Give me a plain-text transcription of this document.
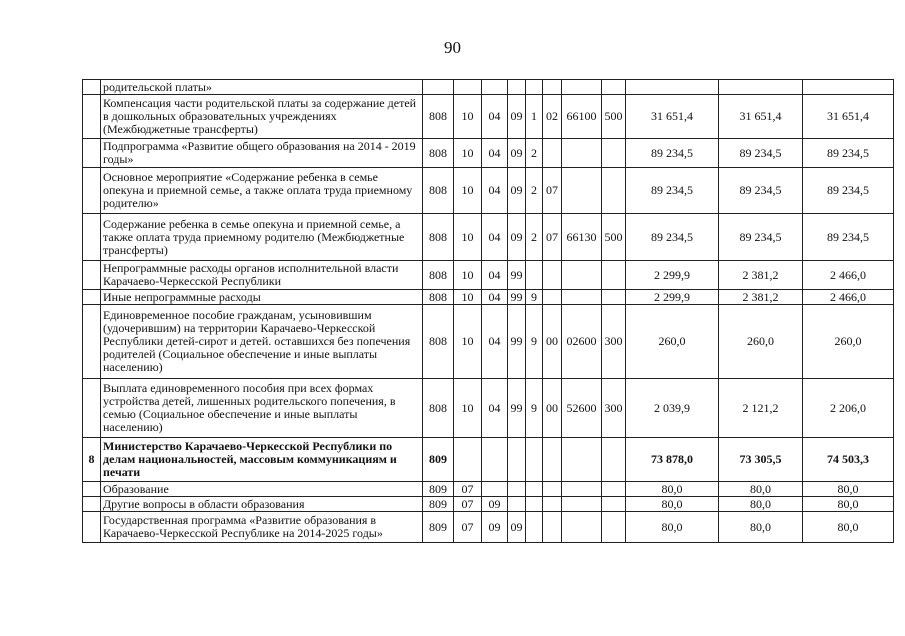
90
	родительской платы»											
	Компенсация части родительской платы за содержание детей в дошкольных образовательных учреждениях (Межбюджетные трансферты)	808	10	04	09	1	02	66100	500	31 651,4	31 651,4	31 651,4
	Подпрограмма «Развитие общего образования на 2014 - 2019 годы»	808	10	04	09	2				89 234,5	89 234,5	89 234,5
	Основное мероприятие «Содержание ребенка в семье опекуна и приемной семье, а также оплата труда приемному родителю»	808	10	04	09	2	07			89 234,5	89 234,5	89 234,5
	Содержание ребенка в семье опекуна и приемной семье, а также оплата труда приемному родителю (Межбюджетные трансферты)	808	10	04	09	2	07	66130	500	89 234,5	89 234,5	89 234,5
	Непрограммные расходы органов исполнительной власти Карачаево-Черкесской Республики	808	10	04	99					2 299,9	2 381,2	2 466,0
	Иные непрограммные расходы	808	10	04	99	9				2 299,9	2 381,2	2 466,0
	Единовременное пособие гражданам, усыновившим (удочерившим) на территории Карачаево-Черкесской Республики детей-сирот и детей. оставшихся без попечения родителей (Социальное обеспечение и иные выплаты населению)	808	10	04	99	9	00	02600	300	260,0	260,0	260,0
	Выплата единовременного пособия при всех формах устройства детей, лишенных родительского попечения, в семью (Социальное обеспечение и иные выплаты населению)	808	10	04	99	9	00	52600	300	2 039,9	2 121,2	2 206,0
8	Министерство Карачаево-Черкесской Республики по делам национальностей, массовым коммуникациям и печати	809								73 878,0	73 305,5	74 503,3
	Образование	809	07							80,0	80,0	80,0
	Другие вопросы в области образования	809	07	09						80,0	80,0	80,0
	Государственная программа «Развитие образования в Карачаево-Черкесской Республике на 2014-2025 годы»	809	07	09	09					80,0	80,0	80,0
